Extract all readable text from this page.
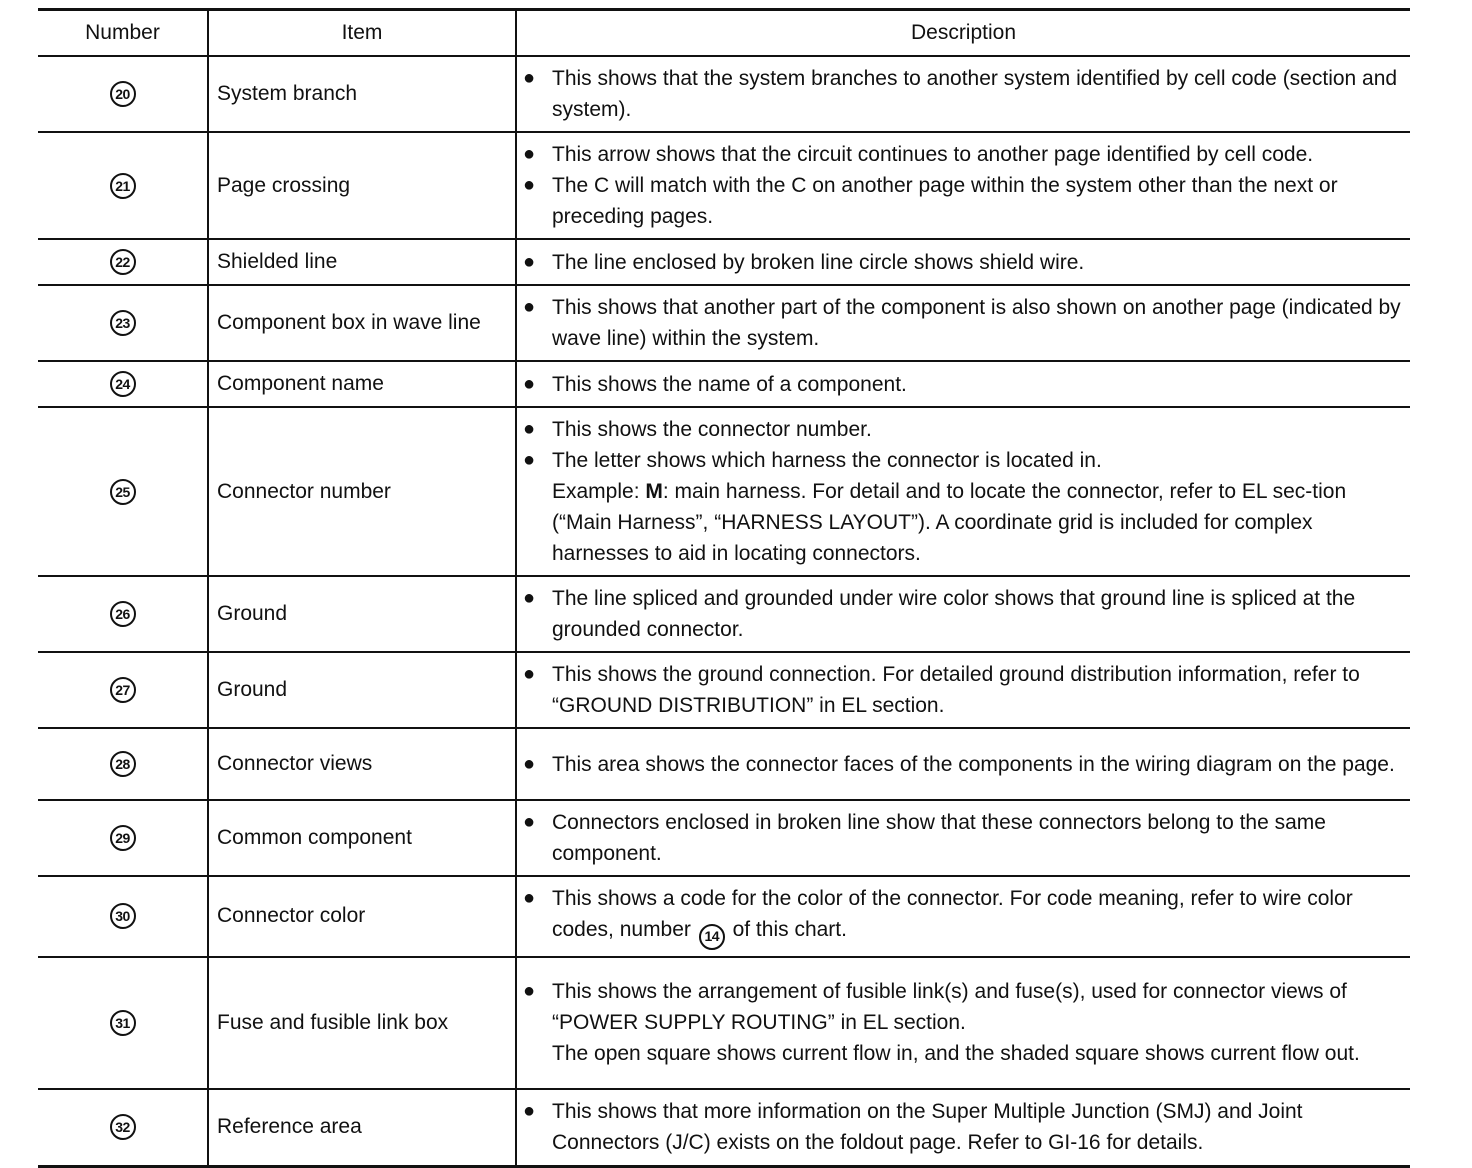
Number	Item	Description
20	System branch	● This shows that the system branches to another system identified by cell code (section and system).

21	Page crossing	● This arrow shows that the circuit continues to another page identified by cell code.
● The C will match with the C on another page within the system other than the next or preceding pages.

22	Shielded line	● The line enclosed by broken line circle shows shield wire.

23	Component box in wave line	● This shows that another part of the component is also shown on another page (indicated by wave line) within the system.

24	Component name	● This shows the name of a component.

25	Connector number	● This shows the connector number.
● The letter shows which harness the connector is located in.
Example: M: main harness. For detail and to locate the connector, refer to EL sec-tion (“Main Harness”, “HARNESS LAYOUT”). A coordinate grid is included for complex harnesses to aid in locating connectors.

26	Ground	● The line spliced and grounded under wire color shows that ground line is spliced at the grounded connector.

27	Ground	● This shows the ground connection. For detailed ground distribution information, refer to “GROUND DISTRIBUTION” in EL section.

28	Connector views	● This area shows the connector faces of the components in the wiring diagram on the page.

29	Common component	● Connectors enclosed in broken line show that these connectors belong to the same component.

30	Connector color	● This shows a code for the color of the connector. For code meaning, refer to wire color codes, number 14 of this chart.

31	Fuse and fusible link box	● This shows the arrangement of fusible link(s) and fuse(s), used for connector views of “POWER SUPPLY ROUTING” in EL section.
The open square shows current flow in, and the shaded square shows current flow out.

32	Reference area	● This shows that more information on the Super Multiple Junction (SMJ) and Joint Connectors (J/C) exists on the foldout page. Refer to GI-16 for details.
